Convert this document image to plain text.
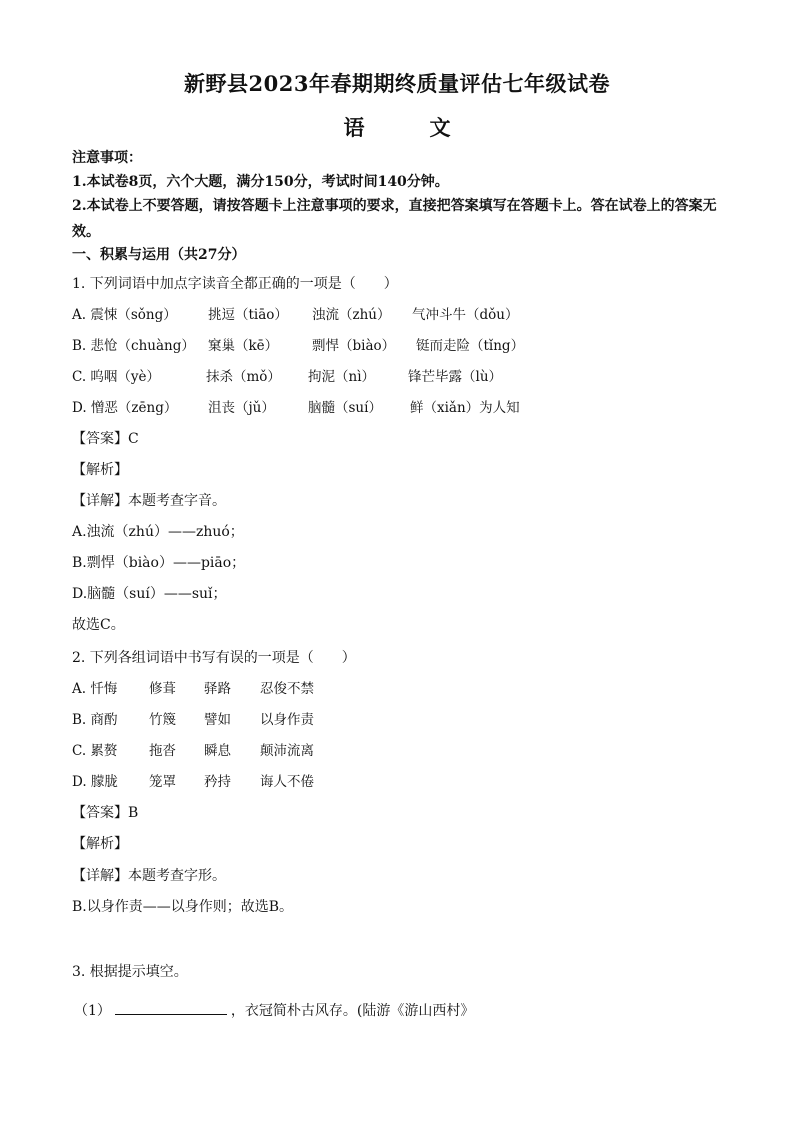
新野县2023年春期期终质量评估七年级试卷
语　文
注意事项：
1.本试卷8页，六个大题，满分150分，考试时间140分钟。
2.本试卷上不要答题，请按答题卡上注意事项的要求，直接把答案填写在答题卡上。答在试卷上的答案无效。
一、积累与运用（共27分）
1. 下列词语中加点字读音全都正确的一项是（　　）
A. 震悚（sǒng） 挑逗（tiāo） 浊流（zhú） 气冲斗牛（dǒu）
B. 悲怆（chuàng） 窠巢（kē）	剽悍（biào） 铤而走险（tǐng）
C. 呜咽（yè）	抹杀（mǒ） 拘泥（nì） 锋芒毕露（lù）
D. 憎恶（zēng） 沮丧（jǔ） 脑髓（suí） 鲜（xiǎn）为人知
【答案】C
【解析】
【详解】本题考查字音。
A.浊流（zhú）——zhuó；
B.剽悍（biào）——piāo；
D.脑髓（suí）——suǐ；
故选C。
2. 下列各组词语中书写有误的一项是（　　）
A. 忏悔 修葺 驿路 忍俊不禁
B. 商酌 竹篾 譬如 以身作责
C. 累赘 拖沓 瞬息 颠沛流离
D. 朦胧 笼罩 矜持 诲人不倦
【答案】B
【解析】
【详解】本题考查字形。
B.以身作责——以身作则；故选B。
3. 根据提示填空。
（1）	，衣冠简朴古风存。(陆游《游山西村》
